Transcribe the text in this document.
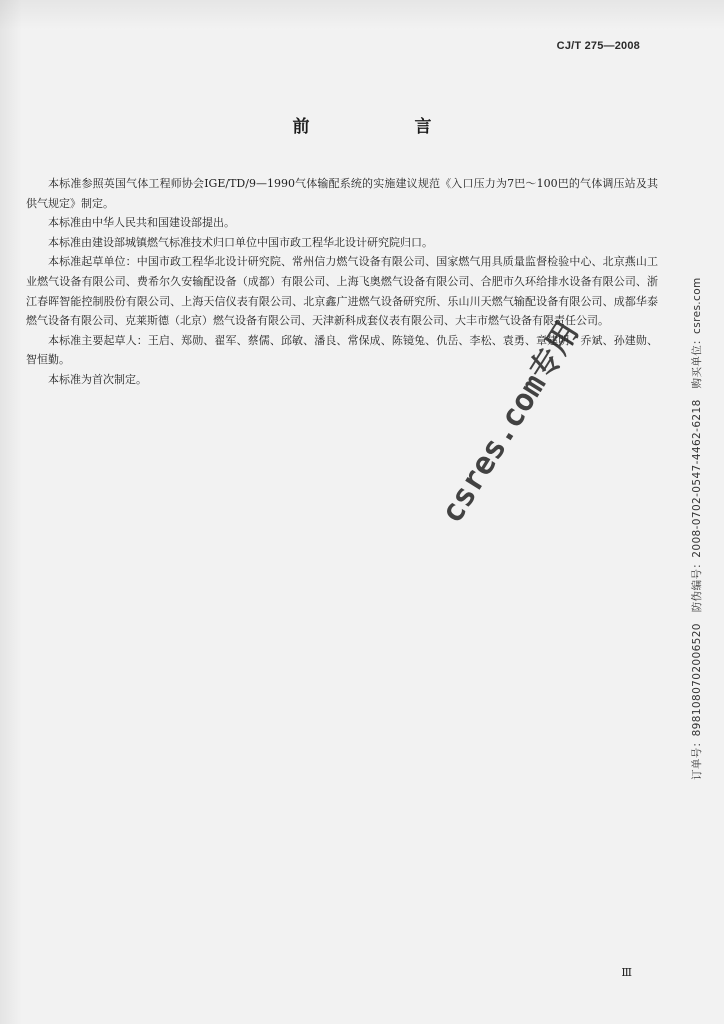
CJ/T 275—2008
前　言

本标准参照英国气体工程师协会IGE/TD/9—1990气体输配系统的实施建议规范《入口压力为7巴～100巴的气体调压站及其供气规定》制定。

本标准由中华人民共和国建设部提出。

本标准由建设部城镇燃气标准技术归口单位中国市政工程华北设计研究院归口。

本标准起草单位：中国市政工程华北设计研究院、常州信力燃气设备有限公司、国家燃气用具质量监督检验中心、北京燕山工业燃气设备有限公司、费希尔久安输配设备（成都）有限公司、上海飞奥燃气设备有限公司、合肥市久环给排水设备有限公司、浙江春晖智能控制股份有限公司、上海天信仪表有限公司、北京鑫广进燃气设备研究所、乐山川天燃气输配设备有限公司、成都华泰燃气设备有限公司、克莱斯德（北京）燃气设备有限公司、天津新科成套仪表有限公司、大丰市燃气设备有限责任公司。

本标准主要起草人：王启、郑勋、翟军、蔡儒、邱敏、潘良、常保成、陈镜兔、仇岳、李松、袁勇、章建明、乔斌、孙建勋、智恒勤。

本标准为首次制定。	csres.com专用	订单号：8981080702006520　防伪编号：2008-0702-0547-4462-6218　购买单位：csres.com
Ⅲ
